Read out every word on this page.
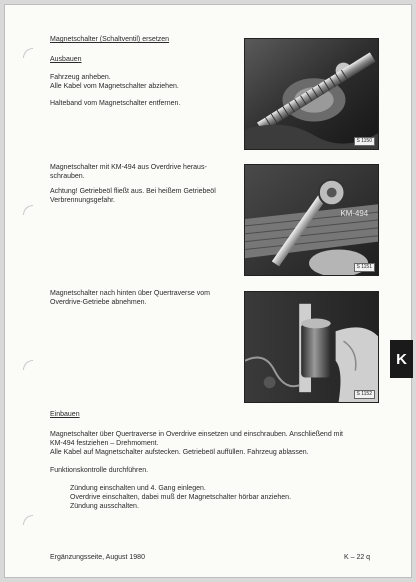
Magnetschalter (Schaltventil) ersetzen
Ausbauen
Fahrzeug anheben.
Alle Kabel vom Magnetschalter abziehen.
Halteband vom Magnetschalter entfernen.
Magnetschalter mit KM-494 aus Overdrive heraus-
schrauben.
Achtung! Getriebeöl fließt aus. Bei heißem Getriebeöl
Verbrennungsgefahr.
Magnetschalter nach hinten über Quertraverse vom
Overdrive-Getriebe abnehmen.
Einbauen
Magnetschalter über Quertraverse in Overdrive einsetzen und einschrauben. Anschließend mit
KM-494 festziehen – Drehmoment.
Alle Kabel auf Magnetschalter aufstecken. Getriebeöl auffüllen. Fahrzeug ablassen.
Funktionskontrolle durchführen.
Zündung einschalten und 4. Gang einlegen.
Overdrive einschalten, dabei muß der Magnetschalter hörbar anziehen.
Zündung ausschalten.
S 1150
KM-494
S 1151
S 1152
K
Ergänzungsseite, August 1980	K – 22 q
